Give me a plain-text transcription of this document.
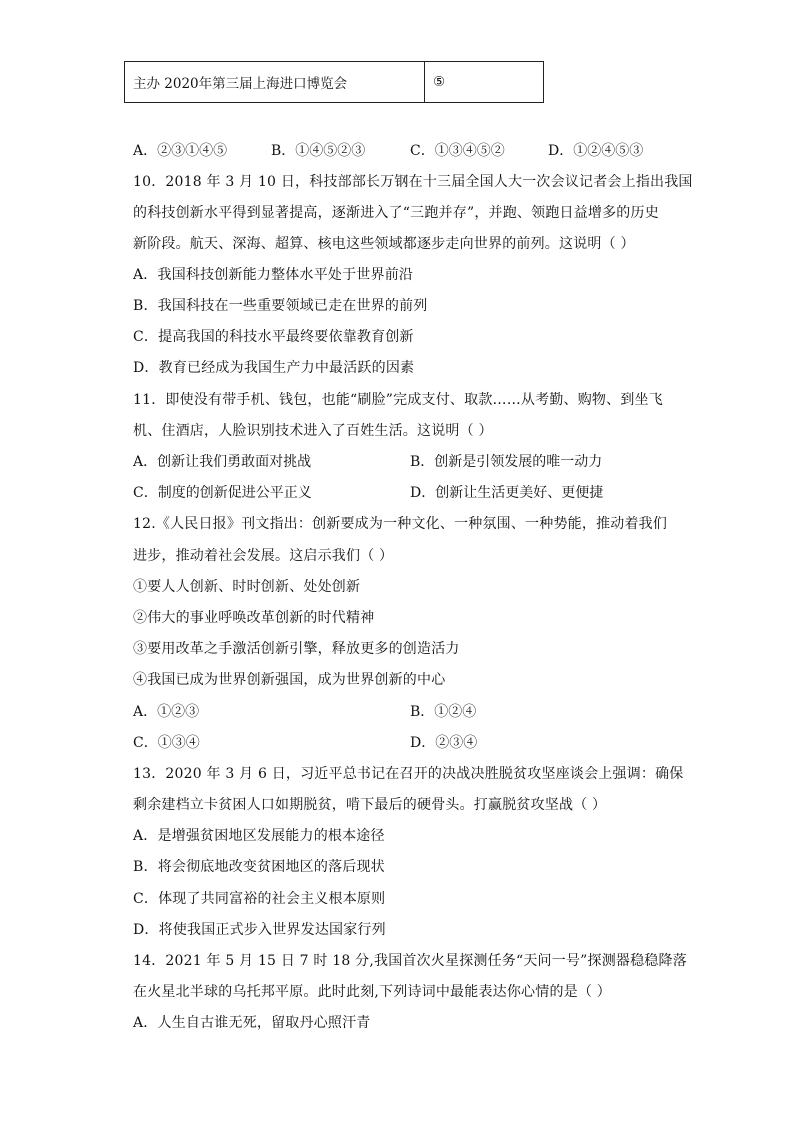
主办 2020年第三届上海进口博览会	⑤
A．②③①④⑤	B．①④⑤②③	C．①③④⑤②	D．①②④⑤③
10．2018 年 3 月 10 日，科技部部长万钢在十三届全国人大一次会议记者会上指出我国
的科技创新水平得到显著提高，逐渐进入了“三跑并存”，并跑、领跑日益增多的历史
新阶段。航天、深海、超算、核电这些领域都逐步走向世界的前列。这说明（ ）
A．我国科技创新能力整体水平处于世界前沿
B．我国科技在一些重要领域已走在世界的前列
C．提高我国的科技水平最终要依靠教育创新
D．教育已经成为我国生产力中最活跃的因素
11．即使没有带手机、钱包，也能“刷脸”完成支付、取款……从考勤、购物、到坐飞
机、住酒店，人脸识别技术进入了百姓生活。这说明（ ）
A．创新让我们勇敢面对挑战	B．创新是引领发展的唯一动力
C．制度的创新促进公平正义	D．创新让生活更美好、更便捷
12.《人民日报》刊文指出：创新要成为一种文化、一种氛围、一种势能，推动着我们
进步，推动着社会发展。这启示我们（ ）
①要人人创新、时时创新、处处创新
②伟大的事业呼唤改革创新的时代精神
③要用改革之手激活创新引擎，释放更多的创造活力
④我国已成为世界创新强国，成为世界创新的中心
A．①②③	B．①②④
C．①③④	D．②③④
13．2020 年 3 月 6 日，习近平总书记在召开的决战决胜脱贫攻坚座谈会上强调：确保
剩余建档立卡贫困人口如期脱贫，啃下最后的硬骨头。打赢脱贫攻坚战（ ）
A．是增强贫困地区发展能力的根本途径
B．将会彻底地改变贫困地区的落后现状
C．体现了共同富裕的社会主义根本原则
D．将使我国正式步入世界发达国家行列
14．2021 年 5 月 15 日 7 时 18 分,我国首次火星探测任务“天问一号”探测器稳稳降落
在火星北半球的乌托邦平原。此时此刻,下列诗词中最能表达你心情的是（ ）
A．人生自古谁无死，留取丹心照汗青
